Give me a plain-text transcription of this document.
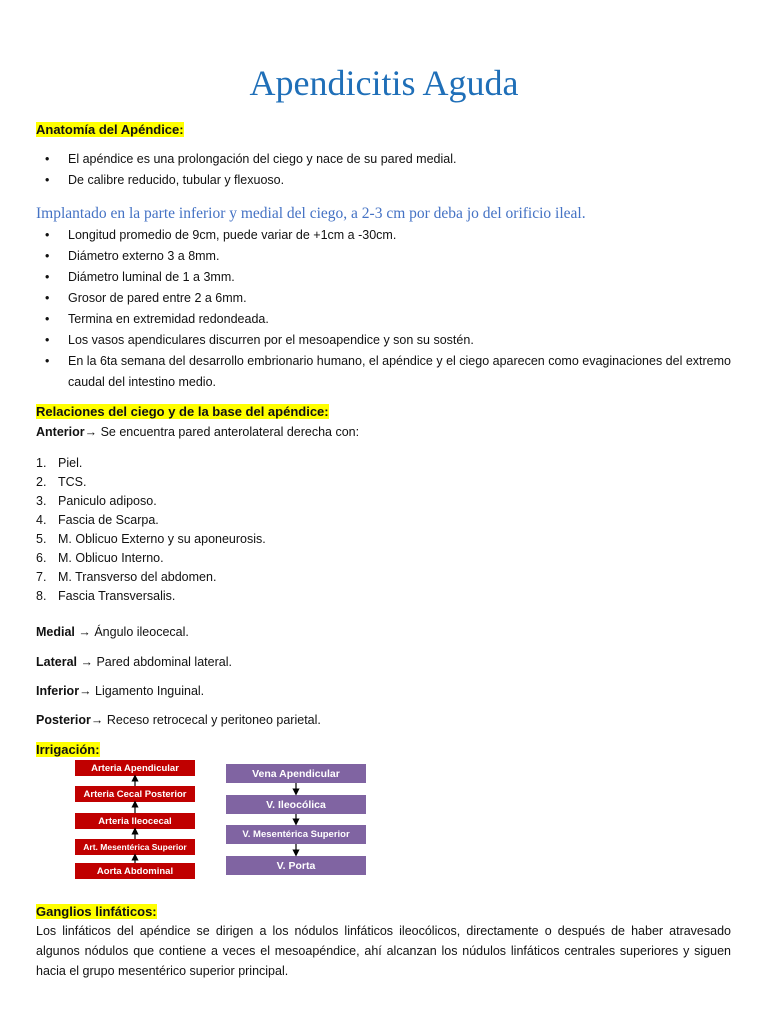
Apendicitis Aguda
Anatomía del Apéndice:
• El apéndice es una prolongación del ciego y nace de su pared medial.
• De calibre reducido, tubular y flexuoso.
Implantado en la parte inferior y medial del ciego, a 2-3 cm por deba jo del orificio ileal.
• Longitud promedio de 9cm, puede variar de +1cm a -30cm.
• Diámetro externo 3 a 8mm.
• Diámetro luminal de 1 a 3mm.
• Grosor de pared entre 2 a 6mm.
• Termina en extremidad redondeada.
• Los vasos apendiculares discurren por el mesoapendice y son su sostén.
• En la 6ta semana del desarrollo embrionario humano, el apéndice y el ciego aparecen como evaginaciones del extremo caudal del intestino medio.
Relaciones del ciego y de la base del apéndice:
Anterior→ Se encuentra pared anterolateral derecha con:
1. Piel.
2. TCS.
3. Paniculo adiposo.
4. Fascia de Scarpa.
5. M. Oblicuo Externo y su aponeurosis.
6. M. Oblicuo Interno.
7. M. Transverso del abdomen.
8. Fascia Transversalis.
Medial → Ángulo ileocecal.
Lateral → Pared abdominal lateral.
Inferior→ Ligamento Inguinal.
Posterior→ Receso retrocecal y peritoneo parietal.
Irrigación:
Arteria Apendicular
Arteria Cecal Posterior
Arteria Ileocecal
Art. Mesentérica Superior
Aorta Abdominal
Vena Apendicular
V. Ileocólica
V. Mesentérica Superior
V. Porta
Ganglios linfáticos:
Los linfáticos del apéndice se dirigen a los nódulos linfáticos ileocólicos, directamente o después de haber atravesado algunos nódulos que contiene a veces el mesoapéndice, ahí alcanzan los núdulos linfáticos centrales superiores y siguen hacia el grupo mesentérico superior principal.
